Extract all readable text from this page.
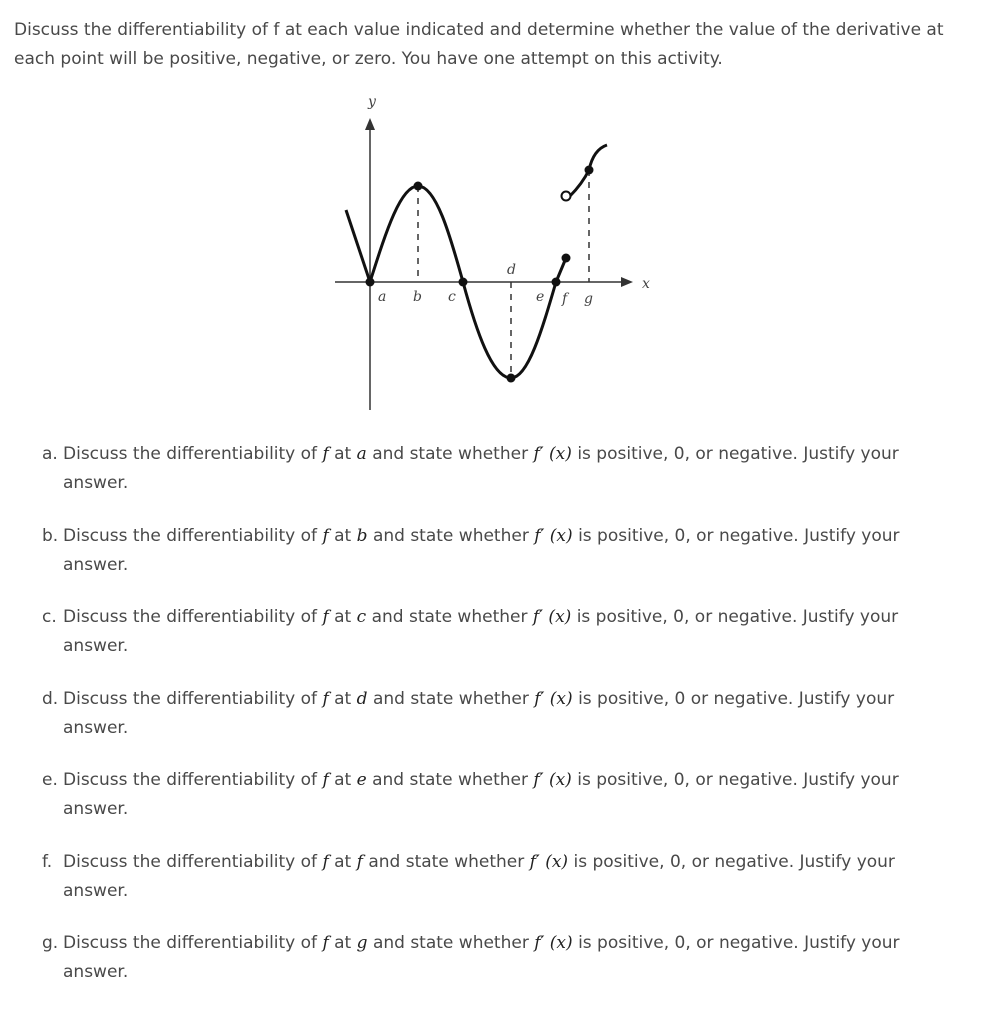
Discuss the differentiability of f at each value indicated and determine whether the value of the derivative at each point will be positive, negative, or zero. You have one attempt on this activity.

y
x
a b c
d
e f g
a. Discuss the differentiability of f at a and state whether f′ (x) is positive, 0, or negative. Justify your answer.
b. Discuss the differentiability of f at b and state whether f′ (x) is positive, 0, or negative. Justify your answer.
c. Discuss the differentiability of f at c and state whether f′ (x) is positive, 0, or negative. Justify your answer.
d. Discuss the differentiability of f at d and state whether f′ (x) is positive, 0 or negative. Justify your answer.
e. Discuss the differentiability of f at e and state whether f′ (x) is positive, 0, or negative. Justify your answer.
f. Discuss the differentiability of f at f and state whether f′ (x) is positive, 0, or negative. Justify your answer.
g. Discuss the differentiability of f at g and state whether f′ (x) is positive, 0, or negative. Justify your answer.
